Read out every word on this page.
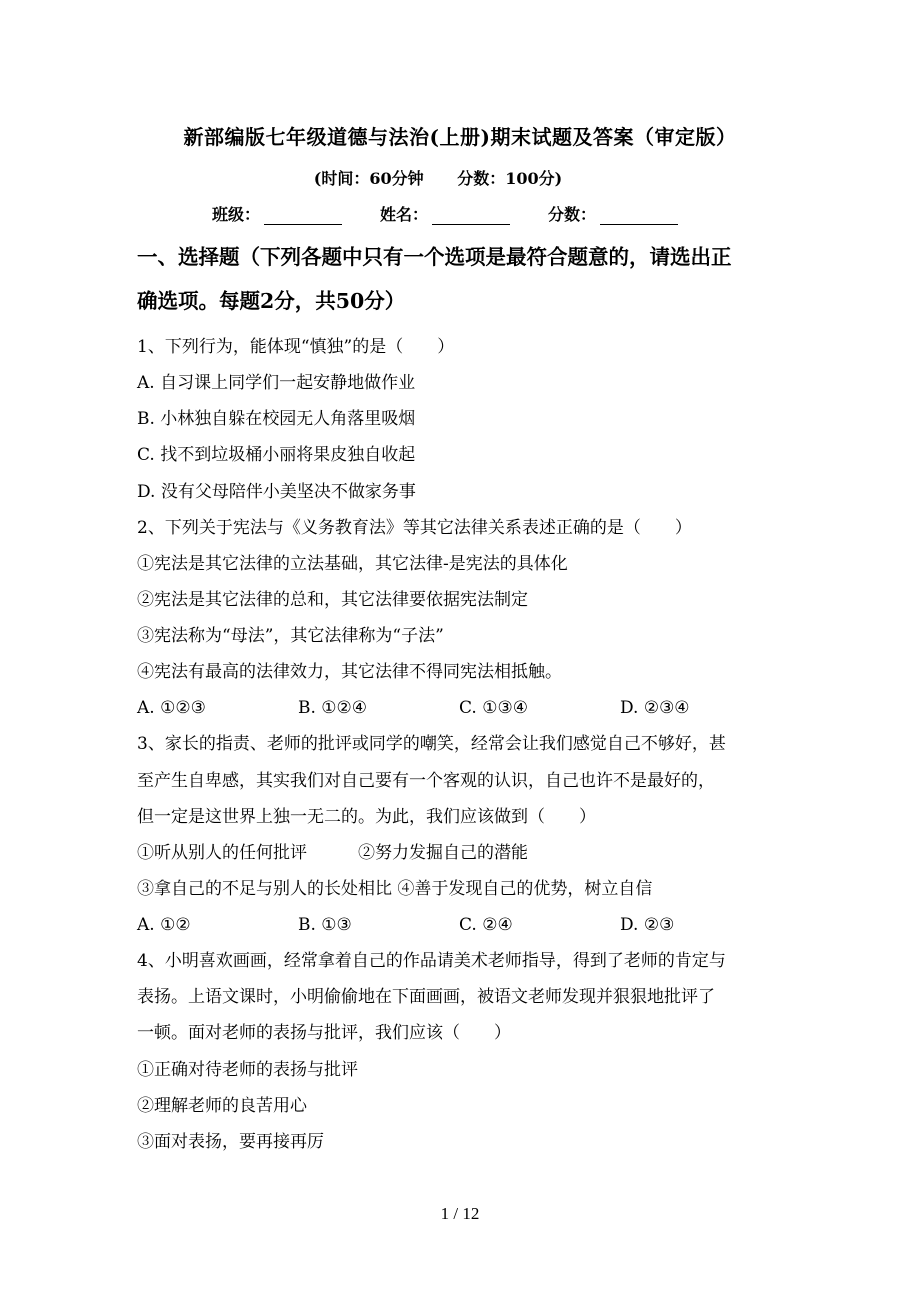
新部编版七年级道德与法治(上册)期末试题及答案（审定版）
(时间：60分钟 分数：100分)
班级：	姓名：	分数：
一、选择题（下列各题中只有一个选项是最符合题意的，请选出正
确选项。每题2分，共50分）
1、下列行为，能体现“慎独”的是（　　）
A. 自习课上同学们一起安静地做作业
B. 小林独自躲在校园无人角落里吸烟
C. 找不到垃圾桶小丽将果皮独自收起
D. 没有父母陪伴小美坚决不做家务事
2、下列关于宪法与《义务教育法》等其它法律关系表述正确的是（　　）
①宪法是其它法律的立法基础，其它法律-是宪法的具体化
②宪法是其它法律的总和，其它法律要依据宪法制定
③宪法称为“母法”，其它法律称为“子法”
④宪法有最高的法律效力，其它法律不得同宪法相抵触。
A. ①②③	B. ①②④	C. ①③④	D. ②③④
3、家长的指责、老师的批评或同学的嘲笑，经常会让我们感觉自己不够好，甚
至产生自卑感，其实我们对自己要有一个客观的认识，自己也许不是最好的，
但一定是这世界上独一无二的。为此，我们应该做到（　　）
①听从别人的任何批评　　　②努力发掘自己的潜能
③拿自己的不足与别人的长处相比 ④善于发现自己的优势，树立自信
A. ①②	B. ①③	C. ②④	D. ②③
4、小明喜欢画画，经常拿着自己的作品请美术老师指导，得到了老师的肯定与
表扬。上语文课时，小明偷偷地在下面画画，被语文老师发现并狠狠地批评了
一顿。面对老师的表扬与批评，我们应该（　　）
①正确对待老师的表扬与批评
②理解老师的良苦用心
③面对表扬，要再接再厉
1 / 12
